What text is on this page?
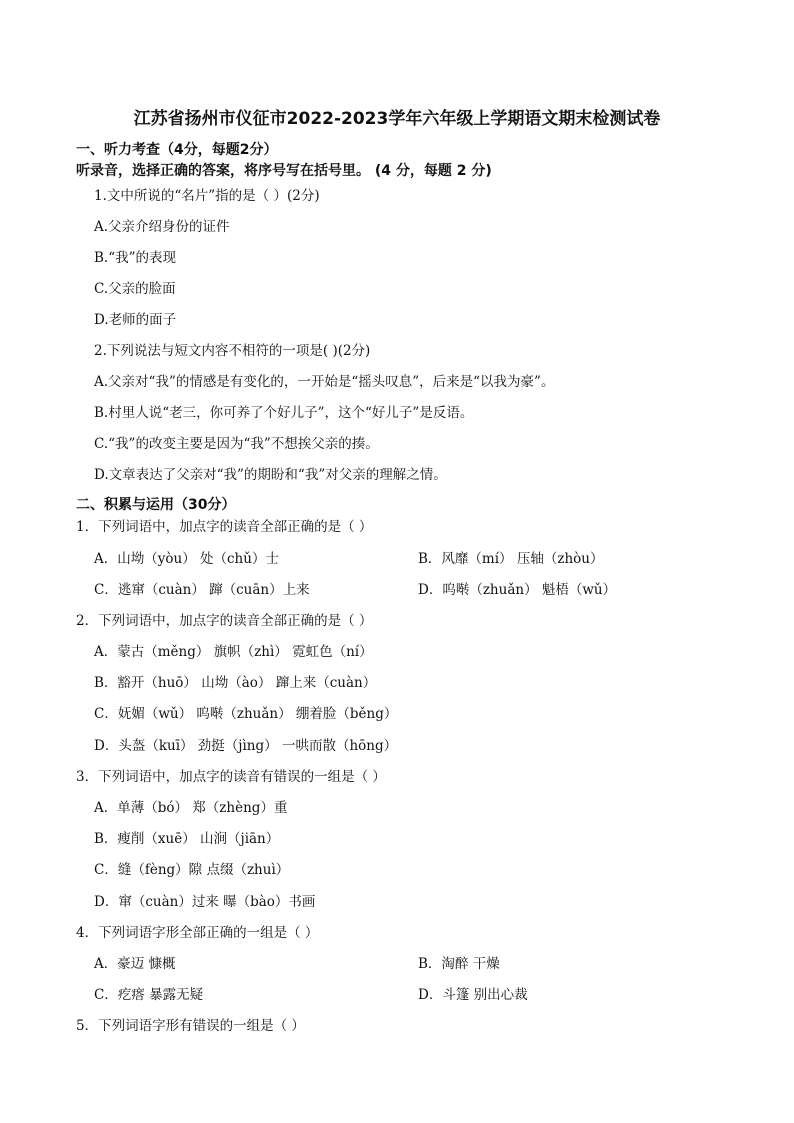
江苏省扬州市仪征市2022-2023学年六年级上学期语文期末检测试卷
一、听力考查（4分，每题2分）
听录音，选择正确的答案，将序号写在括号里。 (4 分，每题 2 分)
1.文中所说的“名片”指的是（ ）(2分)
A.父亲介绍身份的证件
B.“我”的表现
C.父亲的脸面
D.老师的面子
2.下列说法与短文内容不相符的一项是( )(2分)
A.父亲对“我”的情感是有变化的，一开始是“摇头叹息”，后来是“以我为豪”。
B.村里人说“老三，你可养了个好儿子”，这个“好儿子”是反语。
C.“我”的改变主要是因为“我”不想挨父亲的揍。
D.文章表达了父亲对“我”的期盼和“我”对父亲的理解之情。
二、积累与运用（30分）
1．下列词语中，加点字的读音全部正确的是（ ）
A．山坳（yòu） 处（chǔ）士	B．风靡（mí） 压轴（zhòu）
C．逃窜（cuàn） 蹿（cuān）上来	D．呜啭（zhuǎn） 魁梧（wǔ）
2．下列词语中，加点字的读音全部正确的是（ ）
A．蒙古（měng） 旗帜（zhì） 霓虹色（ní）
B．豁开（huō） 山坳（ào） 蹿上来（cuàn）
C．妩媚（wǔ） 呜啭（zhuǎn） 绷着脸（běng）
D．头盔（kuī） 劲挺（jìng） 一哄而散（hōng）
3．下列词语中，加点字的读音有错误的一组是（ ）
A．单薄（bó） 郑（zhèng）重
B．瘦削（xuē） 山涧（jiān）
C．缝（fèng）隙 点缀（zhuì）
D．窜（cuàn）过来 曝（bào）书画
4．下列词语字形全部正确的一组是（ ）
A．豪迈 慷概	B．淘醉 干燥
C．疙瘩 暴露无疑	D．斗篷 别出心裁
5．下列词语字形有错误的一组是（ ）
